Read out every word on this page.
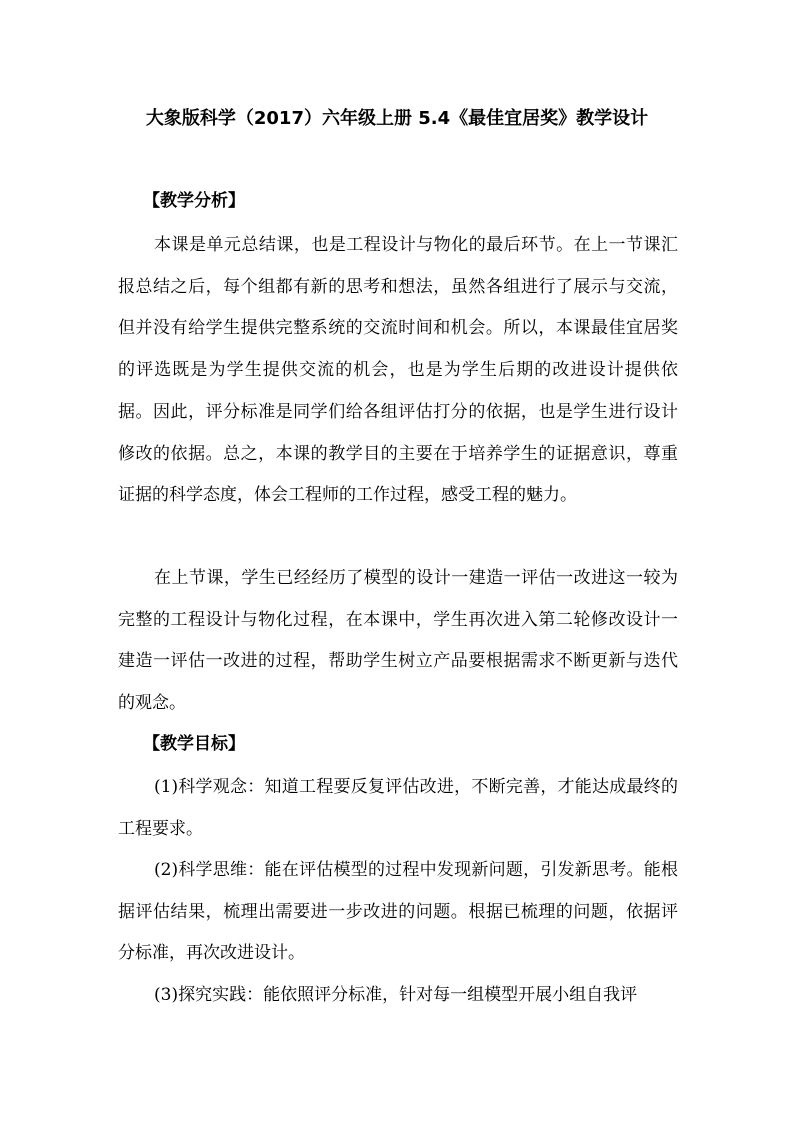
大象版科学（2017）六年级上册 5.4《最佳宜居奖》教学设计
【教学分析】

本课是单元总结课，也是工程设计与物化的最后环节。在上一节课汇报总结之后，每个组都有新的思考和想法，虽然各组进行了展示与交流，但并没有给学生提供完整系统的交流时间和机会。所以，本课最佳宜居奖的评选既是为学生提供交流的机会，也是为学生后期的改进设计提供依据。因此，评分标准是同学们给各组评估打分的依据，也是学生进行设计修改的依据。总之，本课的教学目的主要在于培养学生的证据意识，尊重证据的科学态度，体会工程师的工作过程，感受工程的魅力。

在上节课，学生已经经历了模型的设计一建造一评估一改进这一较为完整的工程设计与物化过程，在本课中，学生再次进入第二轮修改设计一建造一评估一改进的过程，帮助学生树立产品要根据需求不断更新与迭代的观念。

【教学目标】

(1)科学观念：知道工程要反复评估改进，不断完善，才能达成最终的工程要求。

(2)科学思维：能在评估模型的过程中发现新问题，引发新思考。能根据评估结果，梳理出需要进一步改进的问题。根据已梳理的问题，依据评分标准，再次改进设计。

(3)探究实践：能依照评分标准，针对每一组模型开展小组自我评
